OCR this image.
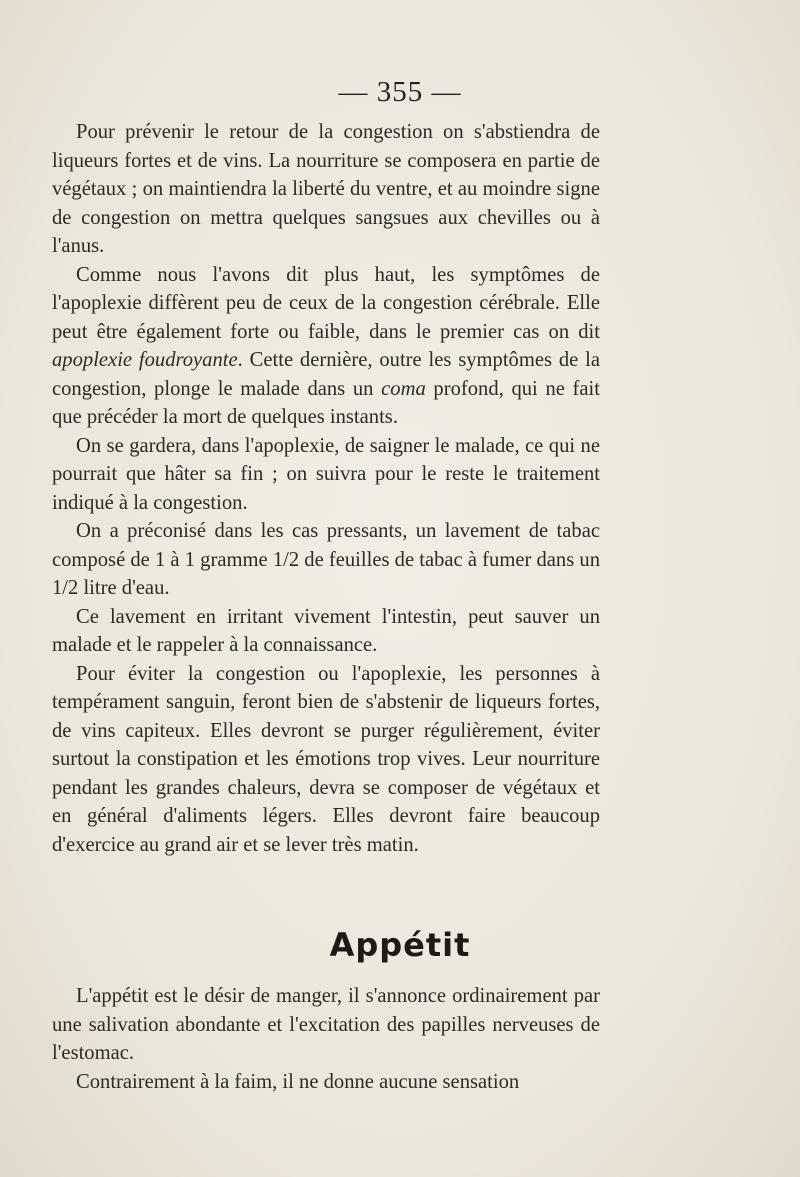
— 355 —

Pour prévenir le retour de la congestion on s'abstiendra de liqueurs fortes et de vins. La nourriture se composera en partie de végétaux ; on maintiendra la liberté du ventre, et au moindre signe de congestion on mettra quelques sangsues aux chevilles ou à l'anus.

Comme nous l'avons dit plus haut, les symptômes de l'apoplexie diffèrent peu de ceux de la congestion cérébrale. Elle peut être également forte ou faible, dans le premier cas on dit apoplexie foudroyante. Cette dernière, outre les symptômes de la congestion, plonge le malade dans un coma profond, qui ne fait que précéder la mort de quelques instants.

On se gardera, dans l'apoplexie, de saigner le malade, ce qui ne pourrait que hâter sa fin ; on suivra pour le reste le traitement indiqué à la congestion.

On a préconisé dans les cas pressants, un lavement de tabac composé de 1 à 1 gramme 1/2 de feuilles de tabac à fumer dans un 1/2 litre d'eau.

Ce lavement en irritant vivement l'intestin, peut sauver un malade et le rappeler à la connaissance.

Pour éviter la congestion ou l'apoplexie, les personnes à tempérament sanguin, feront bien de s'abstenir de liqueurs fortes, de vins capiteux. Elles devront se purger régulièrement, éviter surtout la constipation et les émotions trop vives. Leur nourriture pendant les grandes chaleurs, devra se composer de végétaux et en général d'aliments légers. Elles devront faire beaucoup d'exercice au grand air et se lever très matin.

Appétit

L'appétit est le désir de manger, il s'annonce ordinairement par une salivation abondante et l'excitation des papilles nerveuses de l'estomac.

Contrairement à la faim, il ne donne aucune sensation
